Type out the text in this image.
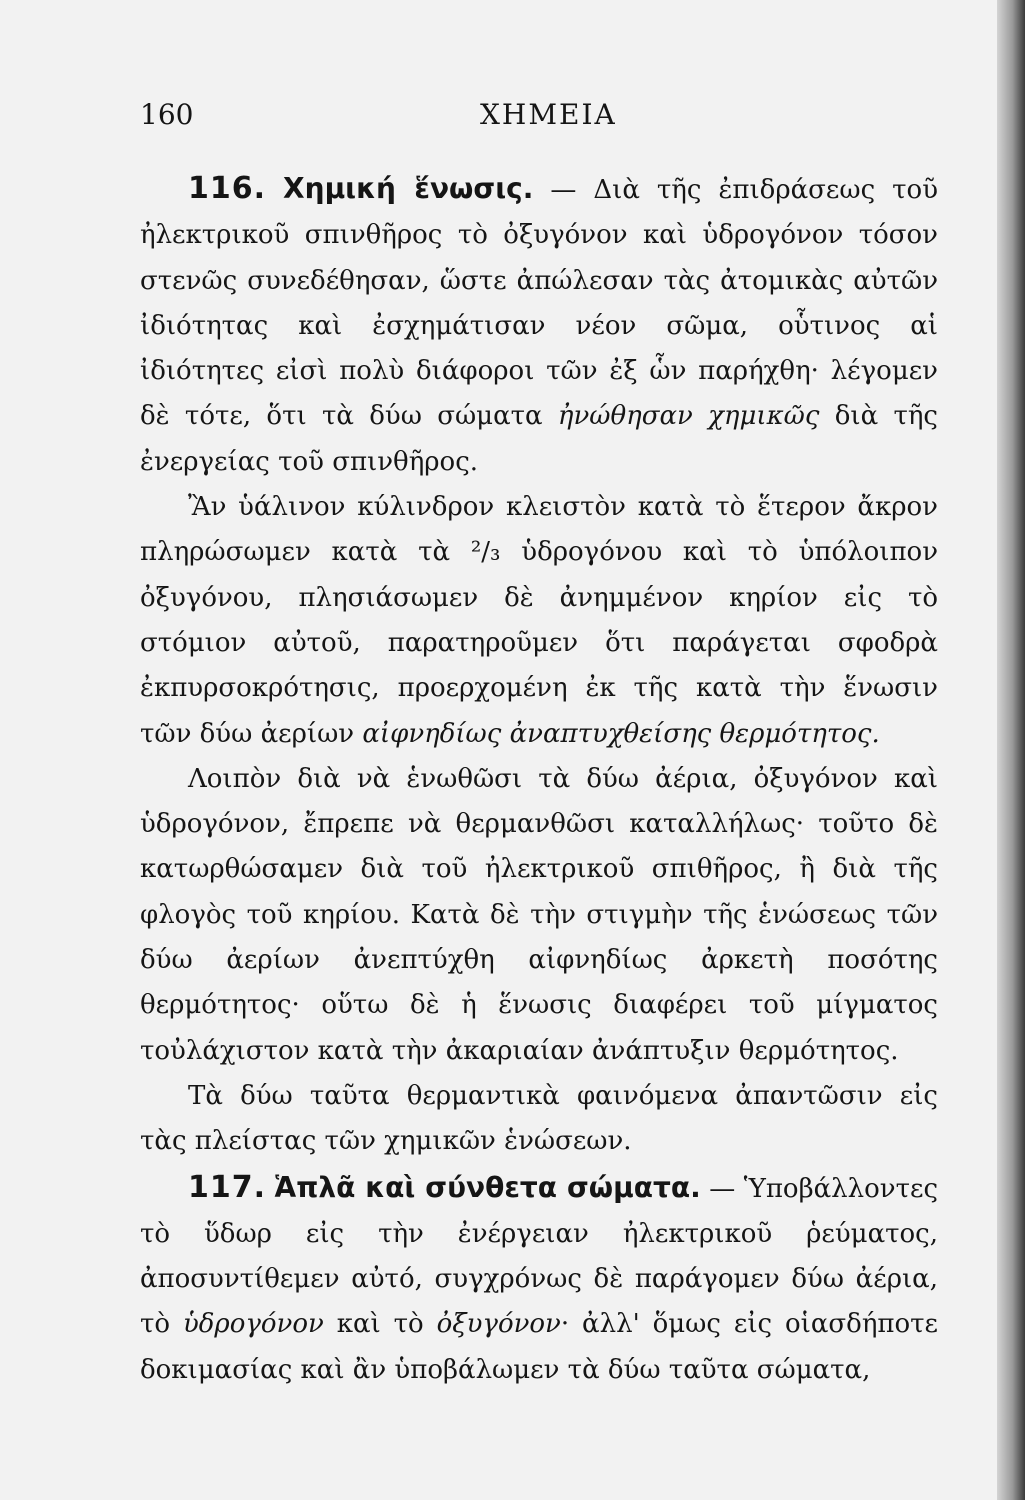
160	ΧΗΜΕΙΑ

116. Χημική ἕνωσις. — Διὰ τῆς ἐπιδράσεως τοῦ ἠλεκτρικοῦ σπινθῆρος τὸ ὀξυγόνον καὶ ὑδρογόνον τόσον στενῶς συνεδέθησαν, ὥστε ἀπώλεσαν τὰς ἀτομικὰς αὐτῶν ἰδιότητας καὶ ἐσχημάτισαν νέον σῶμα, οὗτινος αἱ ἰδιότητες εἰσὶ πολὺ διάφοροι τῶν ἐξ ὧν παρήχθη· λέγομεν δὲ τότε, ὅτι τὰ δύω σώματα ἠνώθησαν χημικῶς διὰ τῆς ἐνεργείας τοῦ σπινθῆρος.

Ἂν ὑάλινον κύλινδρον κλειστὸν κατὰ τὸ ἕτερον ἄκρον πληρώσωμεν κατὰ τὰ ²/₃ ὑδρογόνου καὶ τὸ ὑπόλοιπον ὀξυγόνου, πλησιάσωμεν δὲ ἀνημμένον κηρίον εἰς τὸ στόμιον αὐτοῦ, παρατηροῦμεν ὅτι παράγεται σφοδρὰ ἐκπυρσοκρότησις, προερχομένη ἐκ τῆς κατὰ τὴν ἕνωσιν τῶν δύω ἀερίων αἰφνηδίως ἀναπτυχθείσης θερμότητος.

Λοιπὸν διὰ νὰ ἑνωθῶσι τὰ δύω ἀέρια, ὀξυγόνον καὶ ὑδρογόνον, ἔπρεπε νὰ θερμανθῶσι καταλλήλως· τοῦτο δὲ κατωρθώσαμεν διὰ τοῦ ἠλεκτρικοῦ σπιθῆρος, ἢ διὰ τῆς φλογὸς τοῦ κηρίου. Κατὰ δὲ τὴν στιγμὴν τῆς ἑνώσεως τῶν δύω ἀερίων ἀνεπτύχθη αἰφνηδίως ἀρκετὴ ποσότης θερμότητος· οὕτω δὲ ἡ ἕνωσις διαφέρει τοῦ μίγματος τοὐλάχιστον κατὰ τὴν ἀκαριαίαν ἀνάπτυξιν θερμότητος.

Τὰ δύω ταῦτα θερμαντικὰ φαινόμενα ἀπαντῶσιν εἰς τὰς πλείστας τῶν χημικῶν ἑνώσεων.

117. Ἁπλᾶ καὶ σύνθετα σώματα. — Ὑποβάλλοντες τὸ ὕδωρ εἰς τὴν ἐνέργειαν ἠλεκτρικοῦ ῥεύματος, ἀποσυντίθεμεν αὐτό, συγχρόνως δὲ παράγομεν δύω ἀέρια, τὸ ὑδρογόνον καὶ τὸ ὀξυγόνον· ἀλλ' ὅμως εἰς οἱασδήποτε δοκιμασίας καὶ ἂν ὑποβάλωμεν τὰ δύω ταῦτα σώματα,
